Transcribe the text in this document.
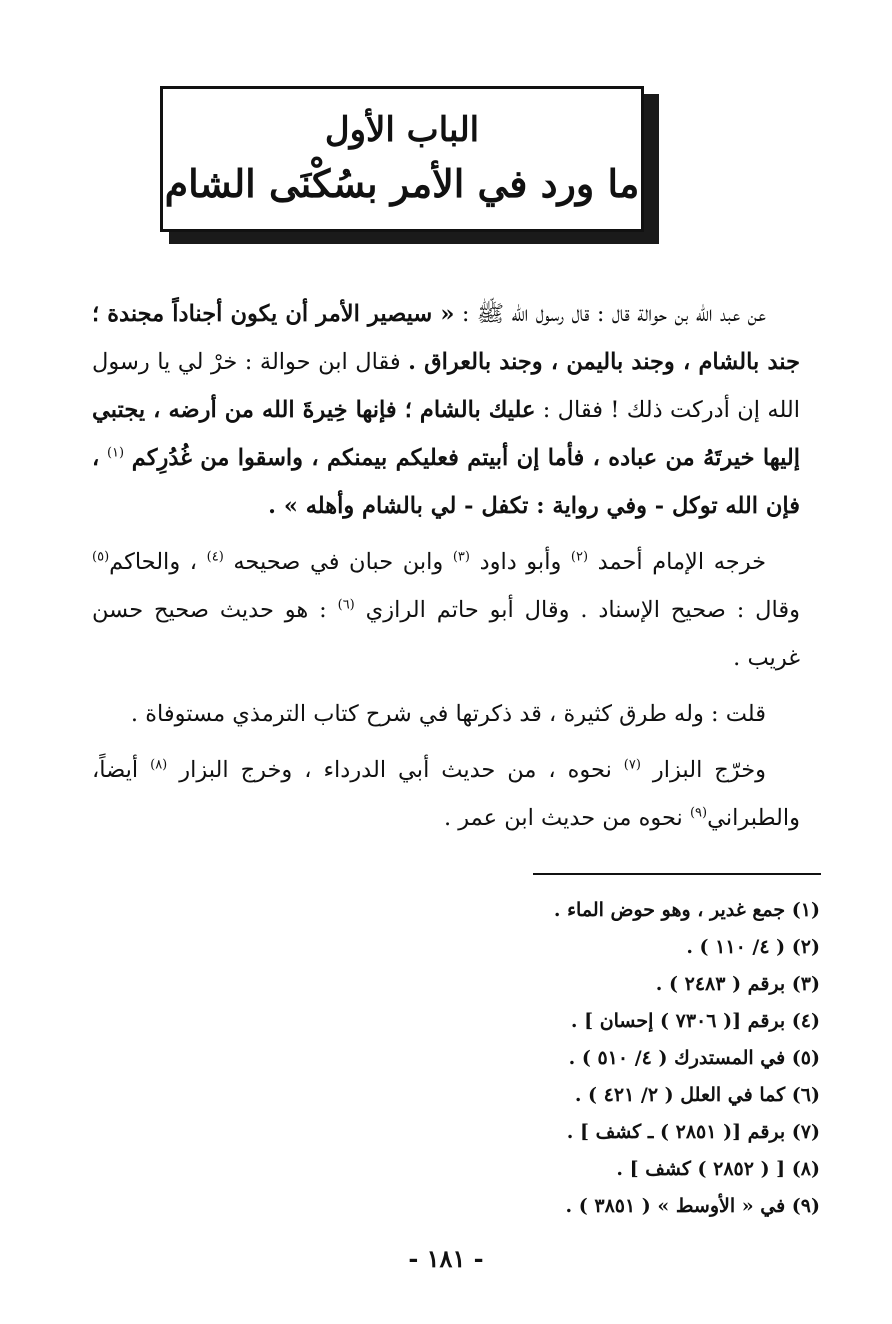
الباب الأول
ما ورد في الأمر بسُكْنَى الشام

عن عبد الله بن حوالة قال : قال رسول الله ﷺ : « سيصير الأمر أن يكون أجناداً مجندة ؛ جند بالشام ، وجند باليمن ، وجند بالعراق . فقال ابن حوالة : خرْ لي يا رسول الله إن أدركت ذلك ! فقال : عليك بالشام ؛ فإنها خِيرةَ الله من أرضه ، يجتبي إليها خيرتَهُ من عباده ، فأما إن أبيتم فعليكم بيمنكم ، واسقوا من غُدُرِكم $^{(١)}$ ، فإن الله توكل - وفي رواية : تكفل - لي بالشام وأهله » .

خرجه الإمام أحمد $^{(٢)}$ وأبو داود $^{(٣)}$ وابن حبان في صحيحه $^{(٤)}$ ، والحاكم$^{(٥)}$ وقال : صحيح الإسناد . وقال أبو حاتم الرازي $^{(٦)}$ : هو حديث صحيح حسن غريب .

قلت : وله طرق كثيرة ، قد ذكرتها في شرح كتاب الترمذي مستوفاة .

وخرّج البزار $^{(٧)}$ نحوه ، من حديث أبي الدرداء ، وخرج البزار $^{(٨)}$ أيضاً، والطبراني$^{(٩)}$ نحوه من حديث ابن عمر .

(١) جمع غدير ، وهو حوض الماء .
(٢) ( ٤/ ١١٠ ) .
(٣) برقم ( ٢٤٨٣ ) .
(٤) برقم [( ٧٣٠٦ ) إحسان ] .
(٥) في المستدرك ( ٤/ ٥١٠ ) .
(٦) كما في العلل ( ٢/ ٤٢١ ) .
(٧) برقم [( ٢٨٥١ ) ـ كشف ] .
(٨) [ ( ٢٨٥٢ ) كشف ] .
(٩) في « الأوسط » ( ٣٨٥١ ) .
- ١٨١ -
